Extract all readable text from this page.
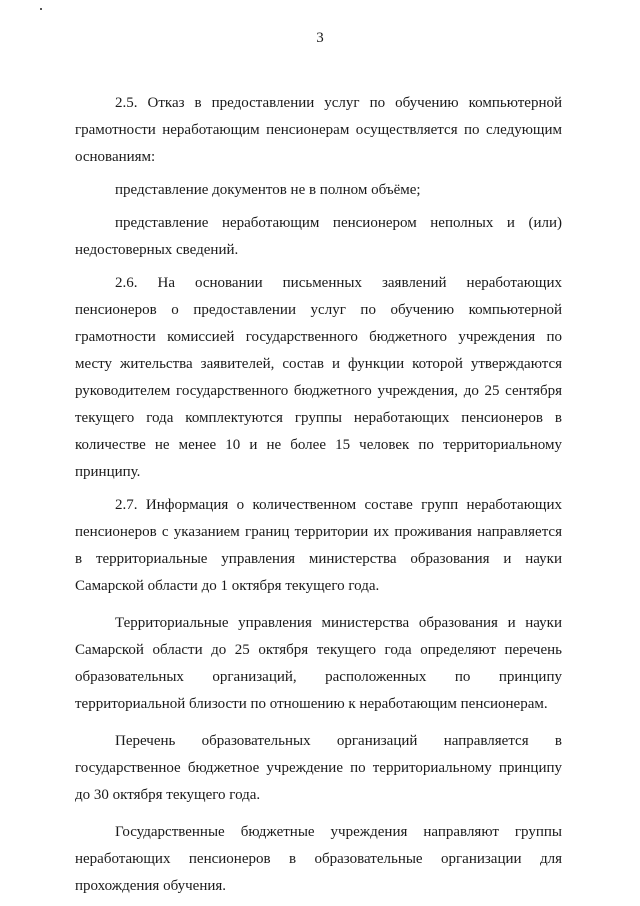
3

2.5. Отказ в предоставлении услуг по обучению компьютерной грамотности неработающим пенсионерам осуществляется по следующим основаниям:

представление документов не в полном объёме;

представление неработающим пенсионером неполных и (или) недостоверных сведений.

2.6. На основании письменных заявлений неработающих пенсионеров о предоставлении услуг по обучению компьютерной грамотности комиссией государственного бюджетного учреждения по месту жительства заявителей, состав и функции которой утверждаются руководителем государственного бюджетного учреждения, до 25 сентября текущего года комплектуются группы неработающих пенсионеров в количестве не менее 10 и не более 15 человек по территориальному принципу.

2.7. Информация о количественном составе групп неработающих пенсионеров с указанием границ территории их проживания направляется в территориальные управления министерства образования и науки Самарской области до 1 октября текущего года.

Территориальные управления министерства образования и науки Самарской области до 25 октября текущего года определяют перечень образовательных организаций, расположенных по принципу территориальной близости по отношению к неработающим пенсионерам.

Перечень образовательных организаций направляется в государственное бюджетное учреждение по территориальному принципу до 30 октября текущего года.

Государственные бюджетные учреждения направляют группы неработающих пенсионеров в образовательные организации для прохождения обучения.
